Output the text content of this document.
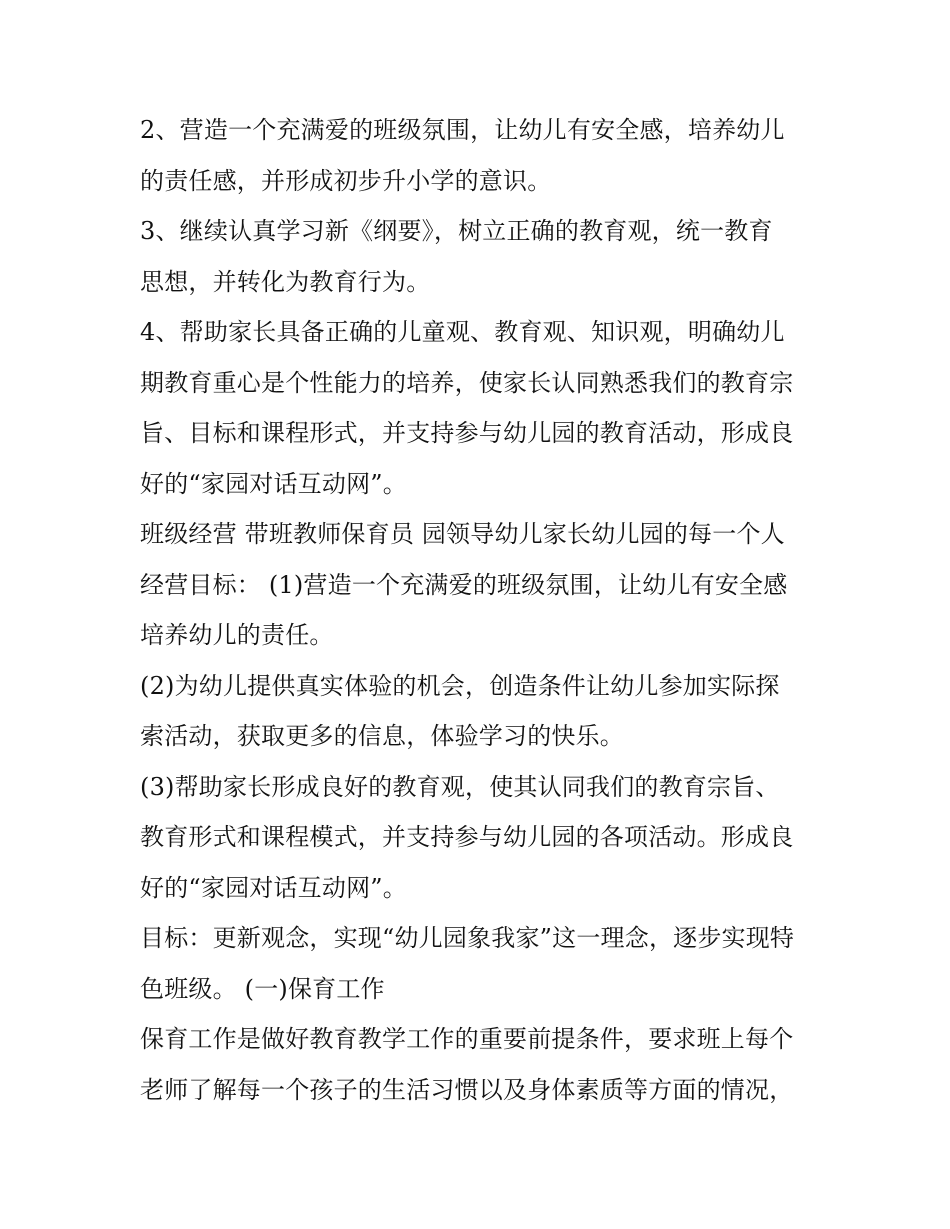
2、营造一个充满爱的班级氛围，让幼儿有安全感，培养幼儿
的责任感，并形成初步升小学的意识。
3、继续认真学习新《纲要》，树立正确的教育观，统一教育
思想，并转化为教育行为。
4、帮助家长具备正确的儿童观、教育观、知识观，明确幼儿
期教育重心是个性能力的培养，使家长认同熟悉我们的教育宗
旨、目标和课程形式，并支持参与幼儿园的教育活动，形成良
好的“家园对话互动网”。
班级经营 带班教师保育员 园领导幼儿家长幼儿园的每一个人
经营目标： (1)营造一个充满爱的班级氛围，让幼儿有安全感
培养幼儿的责任。
(2)为幼儿提供真实体验的机会，创造条件让幼儿参加实际探
索活动，获取更多的信息，体验学习的快乐。
(3)帮助家长形成良好的教育观，使其认同我们的教育宗旨、
教育形式和课程模式，并支持参与幼儿园的各项活动。形成良
好的“家园对话互动网”。
目标：更新观念，实现“幼儿园象我家”这一理念，逐步实现特
色班级。 (一)保育工作
保育工作是做好教育教学工作的重要前提条件，要求班上每个
老师了解每一个孩子的生活习惯以及身体素质等方面的情况，
